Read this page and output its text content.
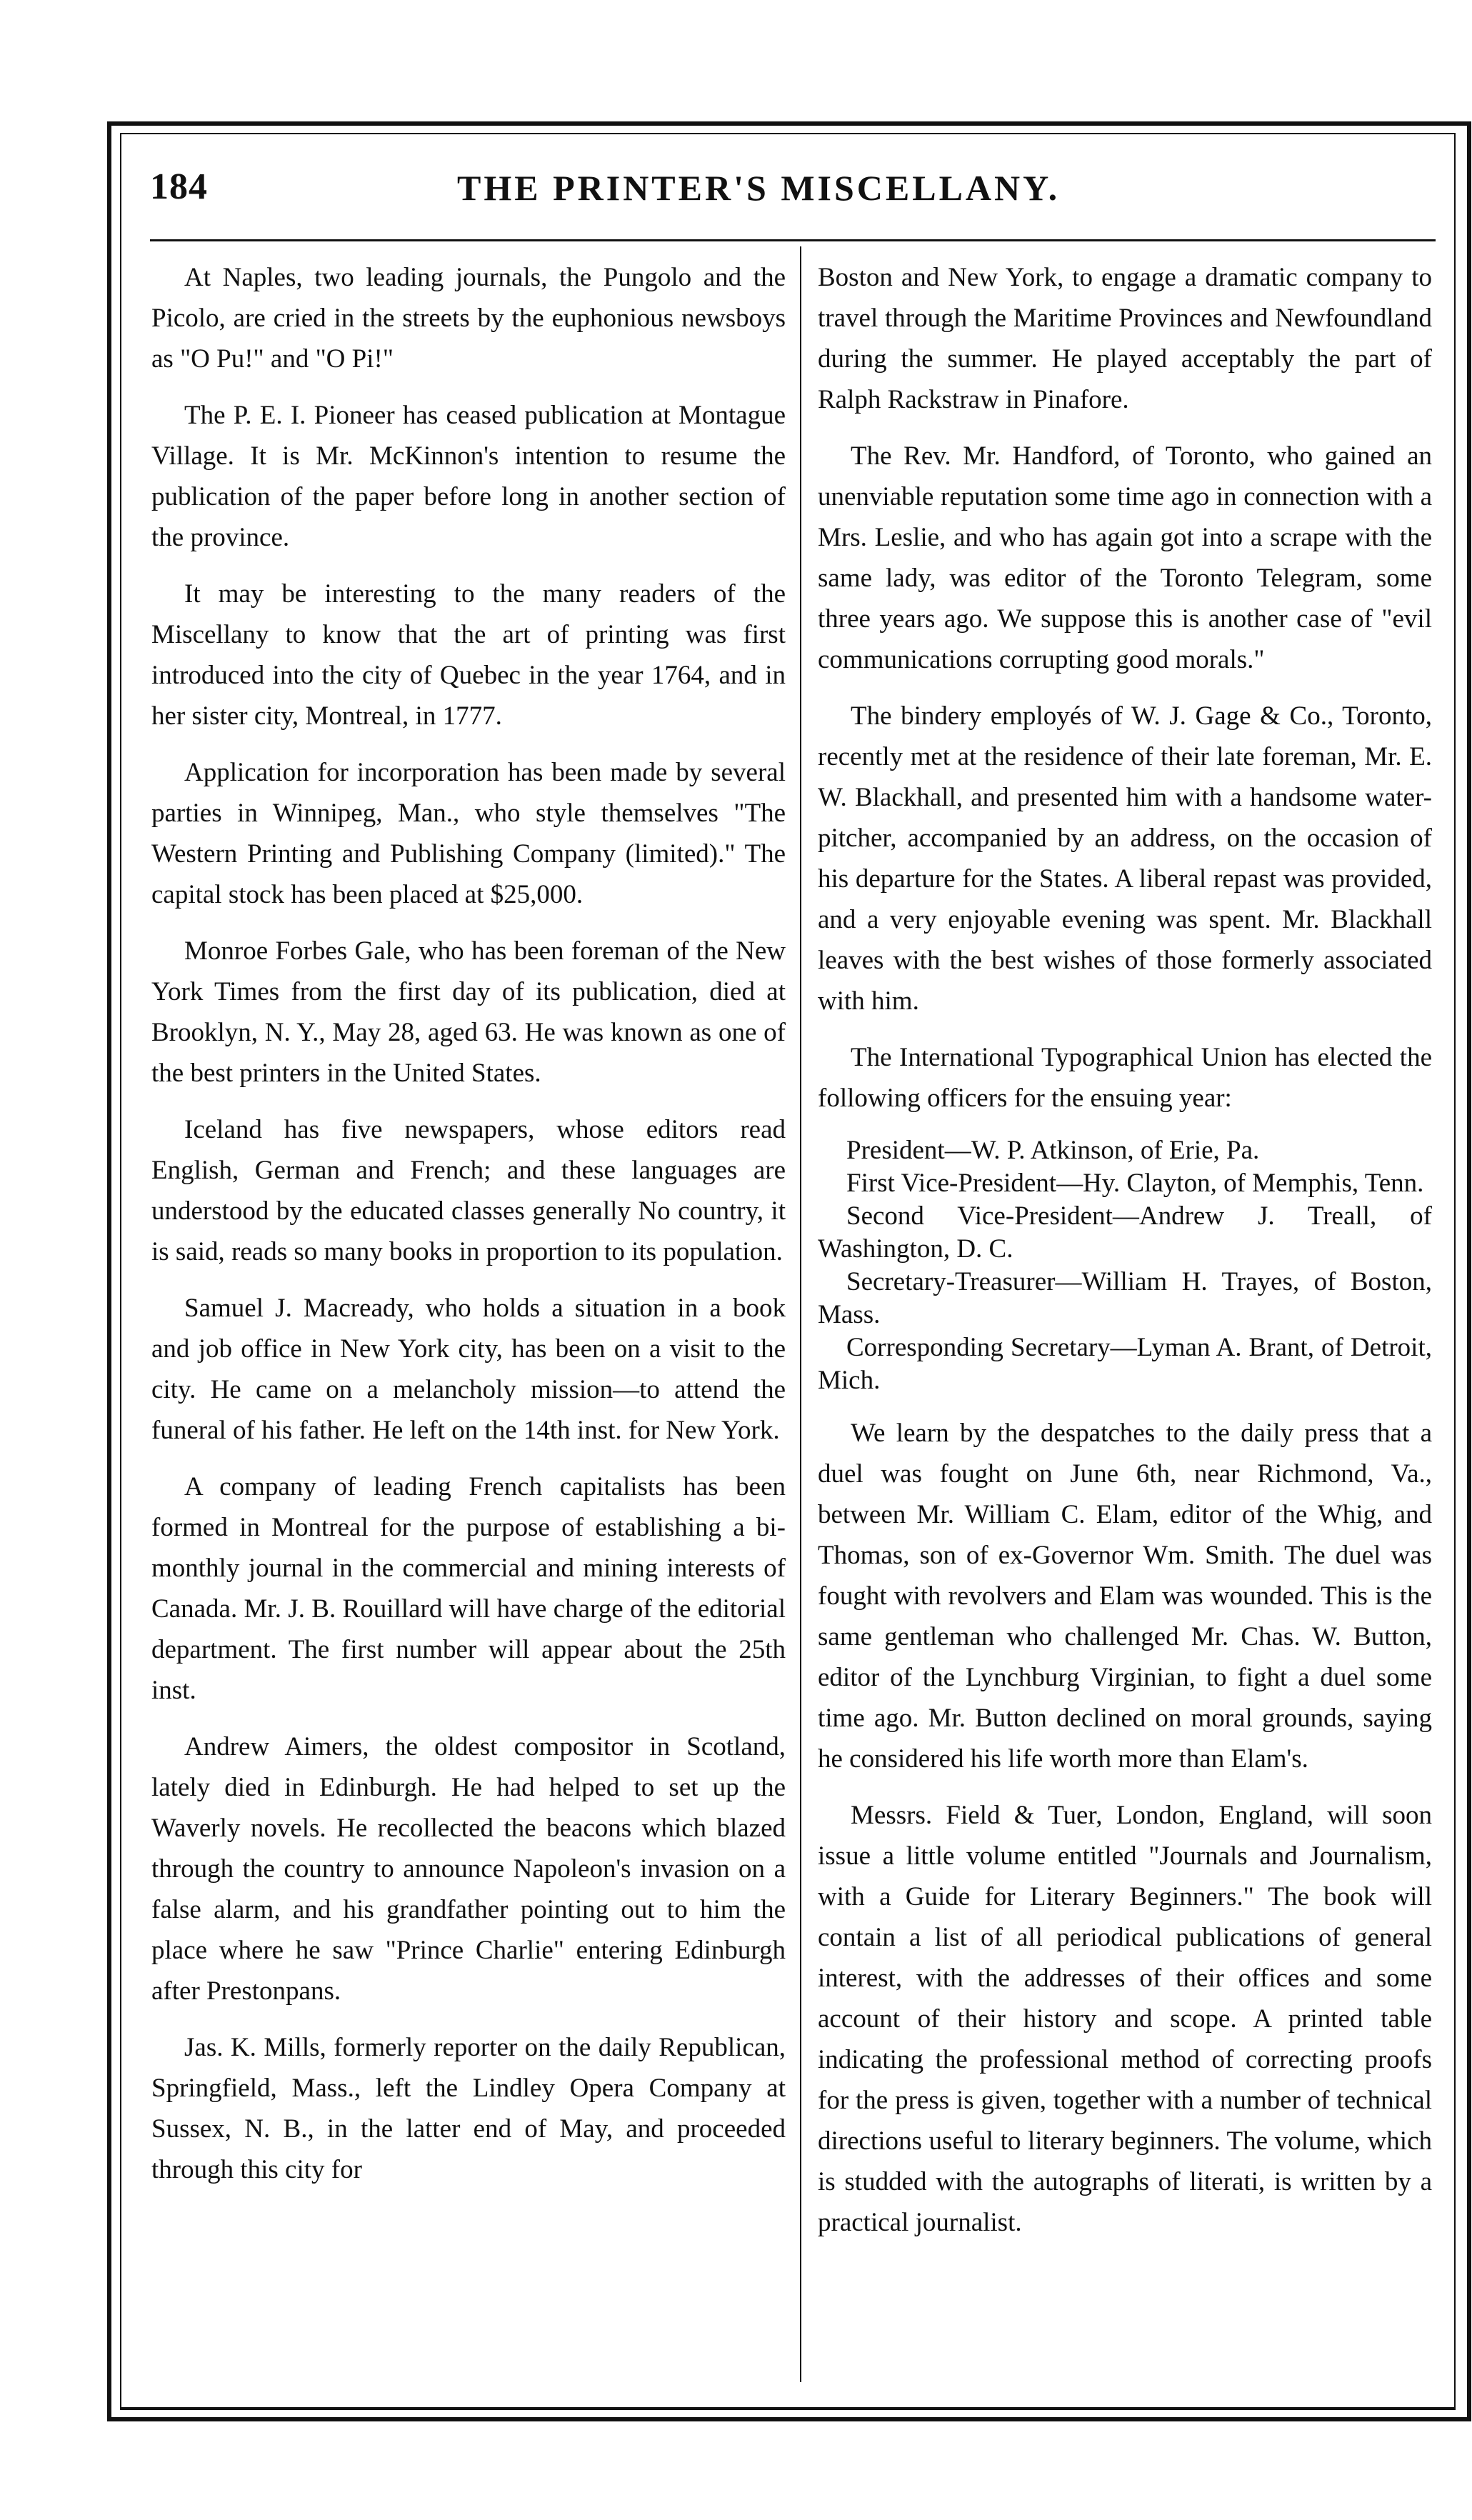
184	THE PRINTER'S MISCELLANY.

At Naples, two leading journals, the Pungolo and the Picolo, are cried in the streets by the euphonious newsboys as "O Pu!" and "O Pi!"

The P. E. I. Pioneer has ceased publication at Montague Village. It is Mr. McKinnon's intention to resume the publication of the paper before long in another section of the province.

It may be interesting to the many readers of the Miscellany to know that the art of printing was first introduced into the city of Quebec in the year 1764, and in her sister city, Montreal, in 1777.

Application for incorporation has been made by several parties in Winnipeg, Man., who style themselves "The Western Printing and Publishing Company (limited)." The capital stock has been placed at $25,000.

Monroe Forbes Gale, who has been foreman of the New York Times from the first day of its publication, died at Brooklyn, N. Y., May 28, aged 63. He was known as one of the best printers in the United States.

Iceland has five newspapers, whose editors read English, German and French; and these languages are understood by the educated classes generally No country, it is said, reads so many books in proportion to its population.

Samuel J. Macready, who holds a situation in a book and job office in New York city, has been on a visit to the city. He came on a melancholy mission—to attend the funeral of his father. He left on the 14th inst. for New York.

A company of leading French capitalists has been formed in Montreal for the purpose of establishing a bi-monthly journal in the commercial and mining interests of Canada. Mr. J. B. Rouillard will have charge of the editorial department. The first number will appear about the 25th inst.

Andrew Aimers, the oldest compositor in Scotland, lately died in Edinburgh. He had helped to set up the Waverly novels. He recollected the beacons which blazed through the country to announce Napoleon's invasion on a false alarm, and his grandfather pointing out to him the place where he saw "Prince Charlie" entering Edinburgh after Prestonpans.

Jas. K. Mills, formerly reporter on the daily Republican, Springfield, Mass., left the Lindley Opera Company at Sussex, N. B., in the latter end of May, and proceeded through this city for

Boston and New York, to engage a dramatic company to travel through the Maritime Provinces and Newfoundland during the summer. He played acceptably the part of Ralph Rackstraw in Pinafore.

The Rev. Mr. Handford, of Toronto, who gained an unenviable reputation some time ago in connection with a Mrs. Leslie, and who has again got into a scrape with the same lady, was editor of the Toronto Telegram, some three years ago. We suppose this is another case of "evil communications corrupting good morals."

The bindery employés of W. J. Gage & Co., Toronto, recently met at the residence of their late foreman, Mr. E. W. Blackhall, and presented him with a handsome water-pitcher, accompanied by an address, on the occasion of his departure for the States. A liberal repast was provided, and a very enjoyable evening was spent. Mr. Blackhall leaves with the best wishes of those formerly associated with him.

The International Typographical Union has elected the following officers for the ensuing year:

President—W. P. Atkinson, of Erie, Pa.

First Vice-President—Hy. Clayton, of Memphis, Tenn.

Second Vice-President—Andrew J. Treall, of Washington, D. C.

Secretary-Treasurer—William H. Trayes, of Boston, Mass.

Corresponding Secretary—Lyman A. Brant, of Detroit, Mich.

We learn by the despatches to the daily press that a duel was fought on June 6th, near Richmond, Va., between Mr. William C. Elam, editor of the Whig, and Thomas, son of ex-Governor Wm. Smith. The duel was fought with revolvers and Elam was wounded. This is the same gentleman who challenged Mr. Chas. W. Button, editor of the Lynchburg Virginian, to fight a duel some time ago. Mr. Button declined on moral grounds, saying he considered his life worth more than Elam's.

Messrs. Field & Tuer, London, England, will soon issue a little volume entitled "Journals and Journalism, with a Guide for Literary Beginners." The book will contain a list of all periodical publications of general interest, with the addresses of their offices and some account of their history and scope. A printed table indicating the professional method of correcting proofs for the press is given, together with a number of technical directions useful to literary beginners. The volume, which is studded with the autographs of literati, is written by a practical journalist.
